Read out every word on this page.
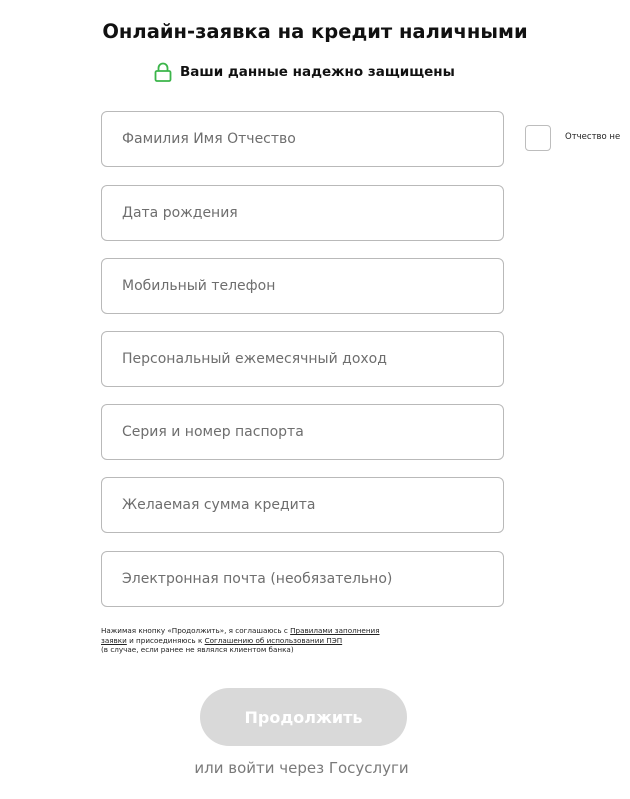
Онлайн-заявка на кредит наличными
Ваши данные надежно защищены
Фамилия Имя Отчество
Отчество не
Дата рождения
Мобильный телефон
Персональный ежемесячный доход
Серия и номер паспорта
Желаемая сумма кредита
Электронная почта (необязательно)
Нажимая кнопку «Продолжить», я соглашаюсь с Правилами заполнения
заявки и присоединяюсь к Соглашению об использовании ПЭП
(в случае, если ранее не являлся клиентом банка)
Продолжить
или войти через Госуслуги
